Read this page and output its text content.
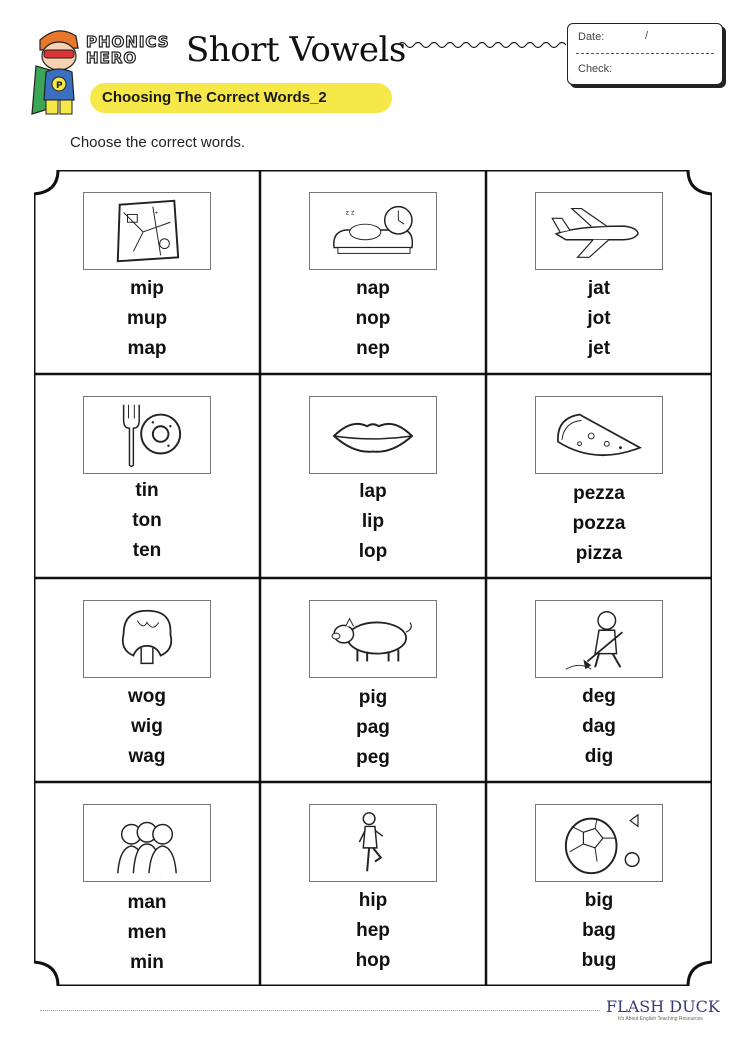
P
PHONICS
HERO Short Vowels
Choosing The Correct Words_2
Date:	/
Check:
Choose the correct words.
+
mip
mup
map
z z
nap
nop
nep
jat
jot
jet
tin
ton
ten
lap
lip
lop
pezza
pozza
pizza
wog
wig
wag
pig
pag
peg
deg
dag
dig
man
men
min
hip
hep
hop
big
bag
bug
FLASH DUCK
It's About English Teaching Resources
